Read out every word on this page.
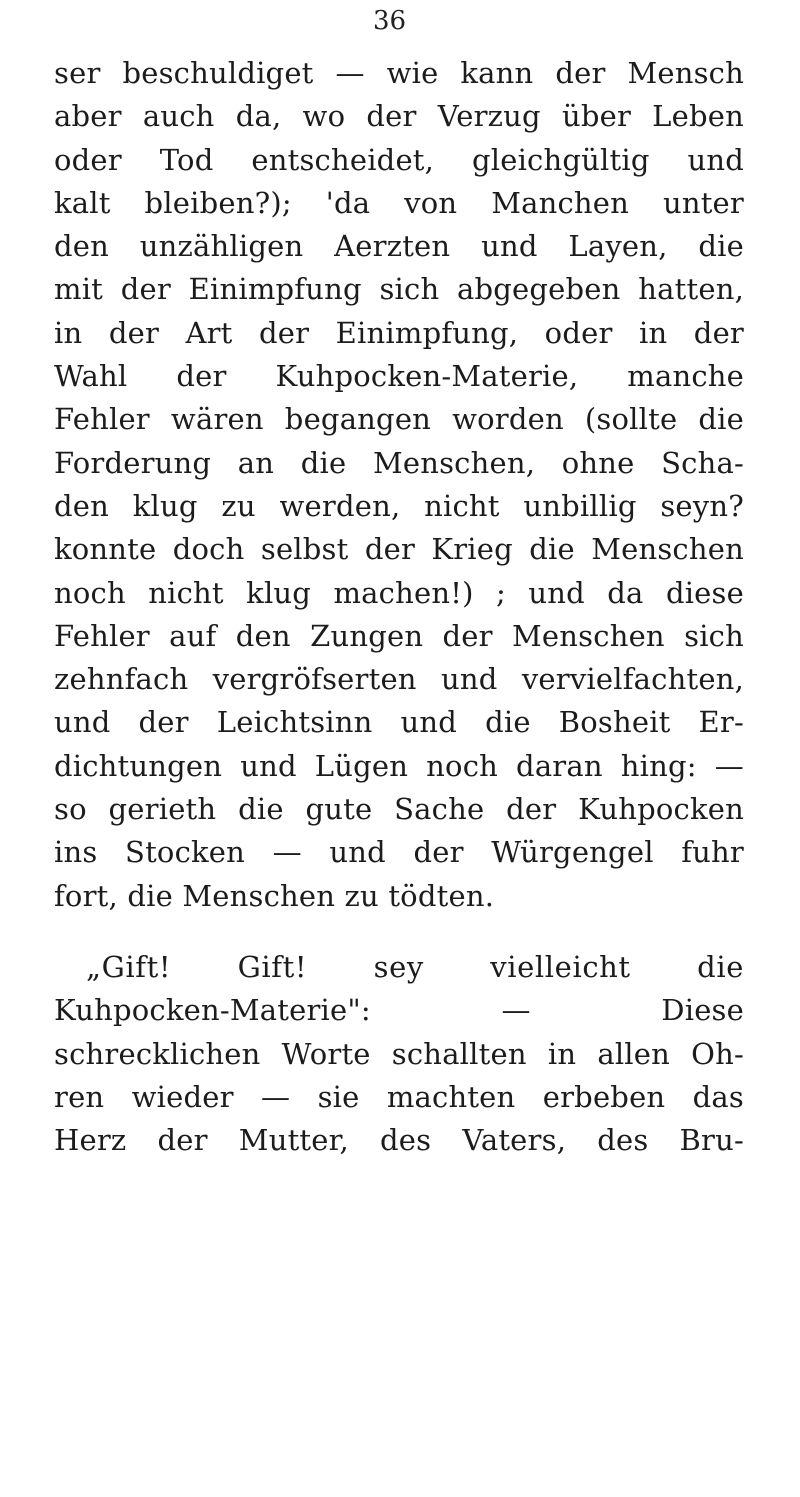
36
ser beschuldiget — wie kann der Mensch
aber auch da, wo der Verzug über Leben
oder Tod entscheidet, gleichgültig und
kalt bleiben?); 'da von Manchen unter
den unzähligen Aerzten und Layen, die
mit der Einimpfung sich abgegeben hatten,
in der Art der Einimpfung, oder in der
Wahl der Kuhpocken-Materie, manche
Fehler wären begangen worden (sollte die
Forderung an die Menschen, ohne Scha-
den klug zu werden, nicht unbillig seyn?
konnte doch selbst der Krieg die Menschen
noch nicht klug machen!) ; und da diese
Fehler auf den Zungen der Menschen sich
zehnfach vergröfserten und vervielfachten,
und der Leichtsinn und die Bosheit Er-
dichtungen und Lügen noch daran hing: —
so gerieth die gute Sache der Kuhpocken
ins Stocken — und der Würgengel fuhr
fort, die Menschen zu tödten.
„Gift! Gift! sey vielleicht die
Kuhpocken-Materie": — Diese
schrecklichen Worte schallten in allen Oh-
ren wieder — sie machten erbeben das
Herz der Mutter, des Vaters, des Bru-
